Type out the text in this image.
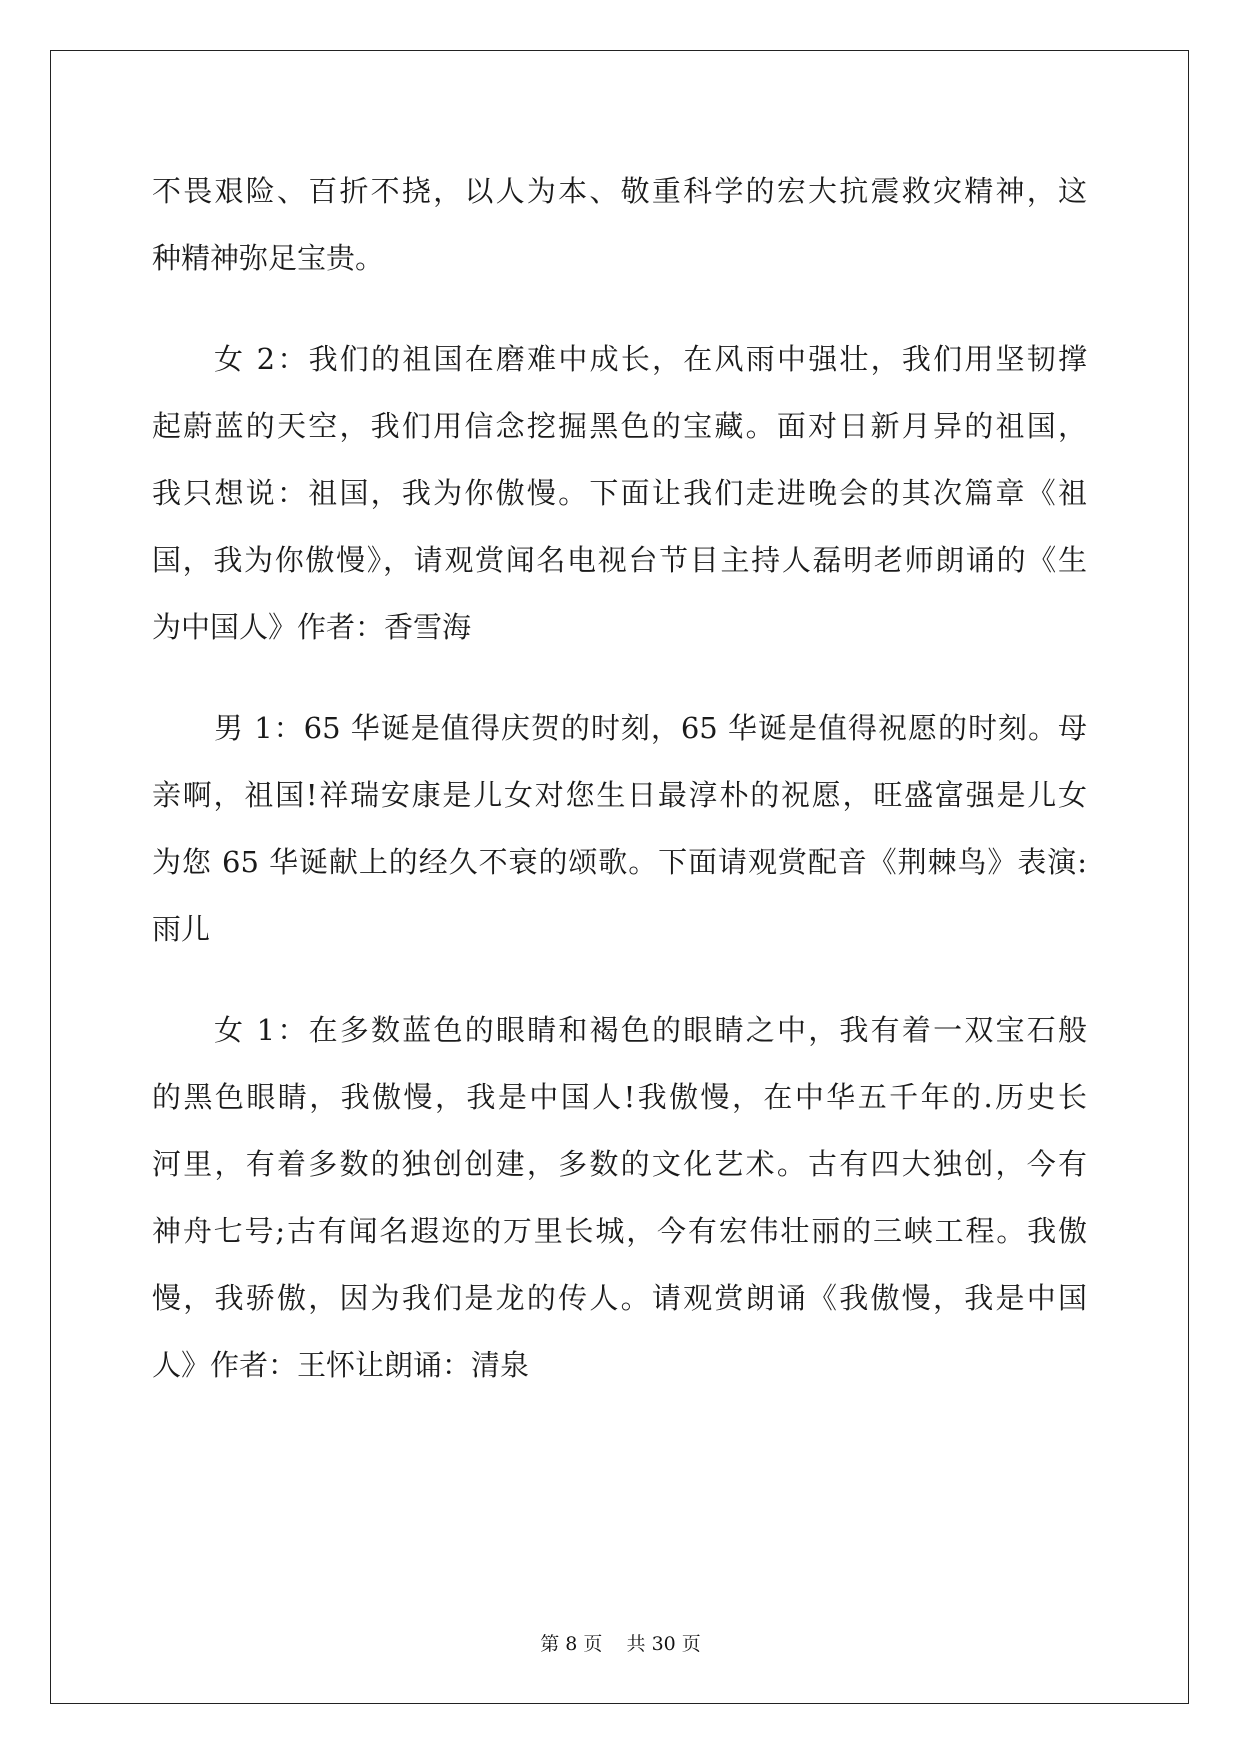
不畏艰险、百折不挠，以人为本、敬重科学的宏大抗震救灾精神，这
种精神弥足宝贵。
女 2：我们的祖国在磨难中成长，在风雨中强壮，我们用坚韧撑
起蔚蓝的天空，我们用信念挖掘黑色的宝藏。面对日新月异的祖国，
我只想说：祖国，我为你傲慢。下面让我们走进晚会的其次篇章《祖
国，我为你傲慢》，请观赏闻名电视台节目主持人磊明老师朗诵的《生
为中国人》作者：香雪海
男 1：65 华诞是值得庆贺的时刻，65 华诞是值得祝愿的时刻。母
亲啊，祖国!祥瑞安康是儿女对您生日最淳朴的祝愿，旺盛富强是儿女
为您 65 华诞献上的经久不衰的颂歌。下面请观赏配音《荆棘鸟》表演:
雨儿
女 1：在多数蓝色的眼睛和褐色的眼睛之中，我有着一双宝石般
的黑色眼睛，我傲慢，我是中国人!我傲慢，在中华五千年的.历史长
河里，有着多数的独创创建，多数的文化艺术。古有四大独创，今有
神舟七号;古有闻名遐迩的万里长城，今有宏伟壮丽的三峡工程。我傲
慢，我骄傲，因为我们是龙的传人。请观赏朗诵《我傲慢，我是中国
人》作者：王怀让朗诵：清泉
第 8 页 共 30 页
